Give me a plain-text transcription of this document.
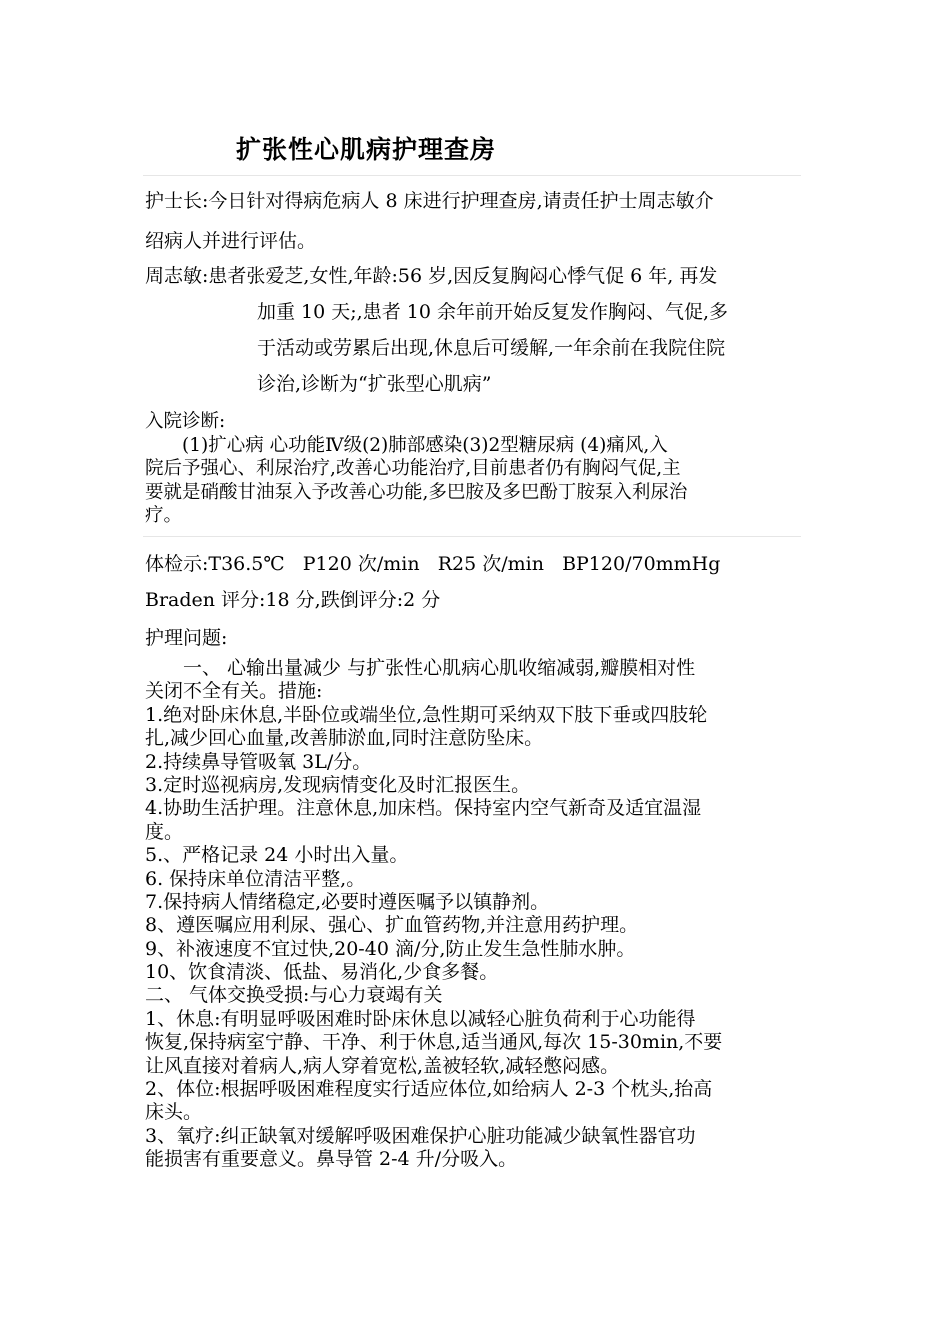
扩张性心肌病护理查房
护士长:今日针对得病危病人 8 床进行护理查房,请责任护士周志敏介
绍病人并进行评估。
周志敏:患者张爱芝,女性,年龄:56 岁,因反复胸闷心悸气促 6 年, 再发
加重 10 天;,患者 10 余年前开始反复发作胸闷、气促,多
于活动或劳累后出现,休息后可缓解,一年余前在我院住院
诊治,诊断为“扩张型心肌病”
入院诊断:
　　(1)扩心病 心功能Ⅳ级(2)肺部感染(3)2型糖尿病 (4)痛风,入
院后予强心、利尿治疗,改善心功能治疗,目前患者仍有胸闷气促,主
要就是硝酸甘油泵入予改善心功能,多巴胺及多巴酚丁胺泵入利尿治
疗。
体检示:T36.5℃   P120 次/min   R25 次/min   BP120/70mmHg
Braden 评分:18 分,跌倒评分:2 分
护理问题:
　　一、 心输出量减少 与扩张性心肌病心肌收缩减弱,瓣膜相对性
关闭不全有关。措施:
1.绝对卧床休息,半卧位或端坐位,急性期可采纳双下肢下垂或四肢轮
扎,减少回心血量,改善肺淤血,同时注意防坠床。
2.持续鼻导管吸氧 3L/分。
3.定时巡视病房,发现病情变化及时汇报医生。
4.协助生活护理。注意休息,加床档。保持室内空气新奇及适宜温湿
度。
5.、严格记录 24 小时出入量。
6. 保持床单位清洁平整,。
7.保持病人情绪稳定,必要时遵医嘱予以镇静剂。
8、遵医嘱应用利尿、强心、扩血管药物,并注意用药护理。
9、补液速度不宜过快,20-40 滴/分,防止发生急性肺水肿。
10、饮食清淡、低盐、易消化,少食多餐。
二、 气体交换受损:与心力衰竭有关
1、休息:有明显呼吸困难时卧床休息以减轻心脏负荷利于心功能得
恢复,保持病室宁静、干净、利于休息,适当通风,每次 15-30min,不要
让风直接对着病人,病人穿着宽松,盖被轻软,减轻憋闷感。
2、体位:根据呼吸困难程度实行适应体位,如给病人 2-3 个枕头,抬高
床头。
3、氧疗:纠正缺氧对缓解呼吸困难保护心脏功能减少缺氧性器官功
能损害有重要意义。鼻导管 2-4 升/分吸入。
